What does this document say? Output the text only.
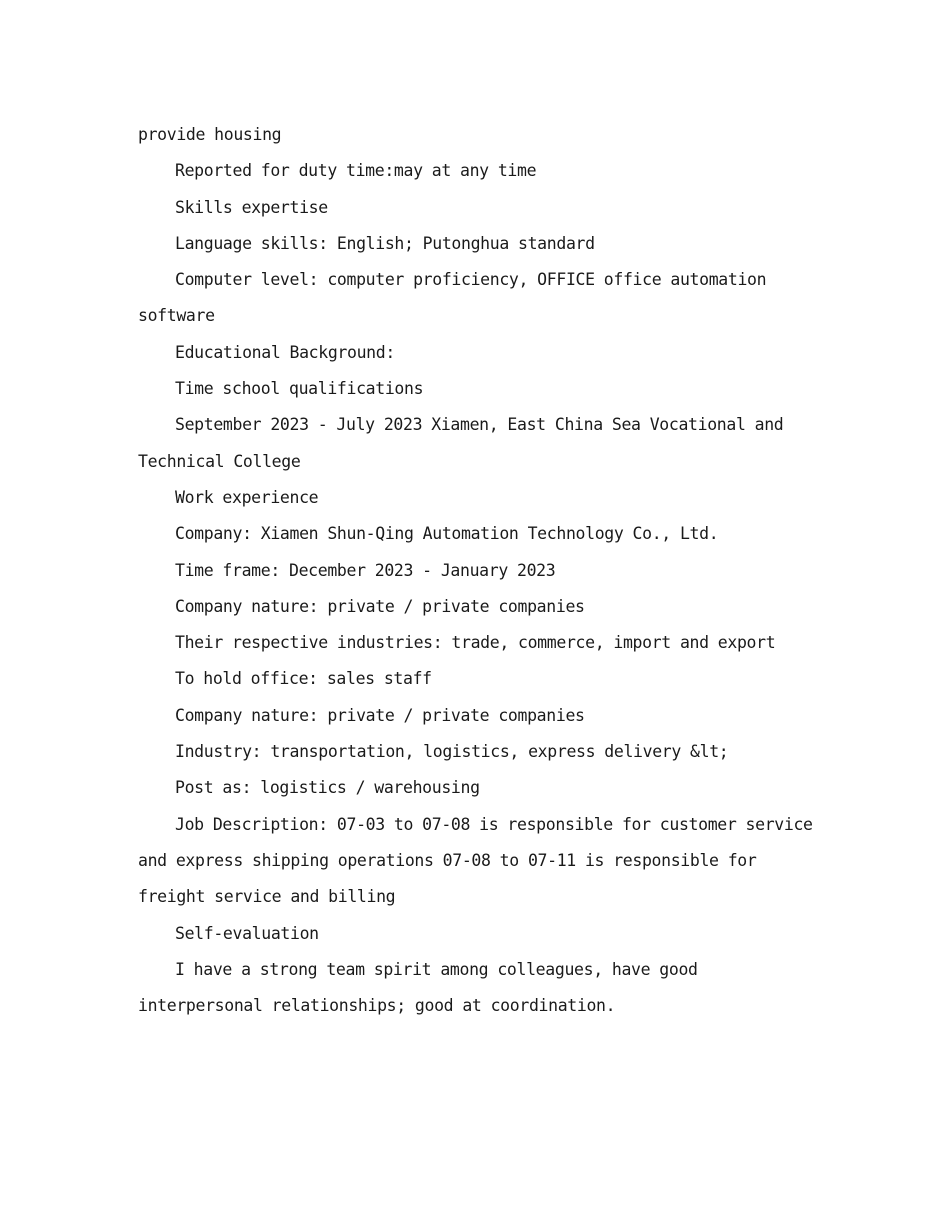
provide housing
Reported for duty time:may at any time
Skills expertise
Language skills: English; Putonghua standard
Computer level: computer proficiency, OFFICE office automation
software
Educational Background:
Time school qualifications
September 2023 - July 2023 Xiamen, East China Sea Vocational and
Technical College
Work experience
Company: Xiamen Shun-Qing Automation Technology Co., Ltd.
Time frame: December 2023 - January 2023
Company nature: private / private companies
Their respective industries: trade, commerce, import and export
To hold office: sales staff
Company nature: private / private companies
Industry: transportation, logistics, express delivery &lt;
Post as: logistics / warehousing
Job Description: 07-03 to 07-08 is responsible for customer service
and express shipping operations 07-08 to 07-11 is responsible for
freight service and billing
Self-evaluation
I have a strong team spirit among colleagues, have good
interpersonal relationships; good at coordination.
